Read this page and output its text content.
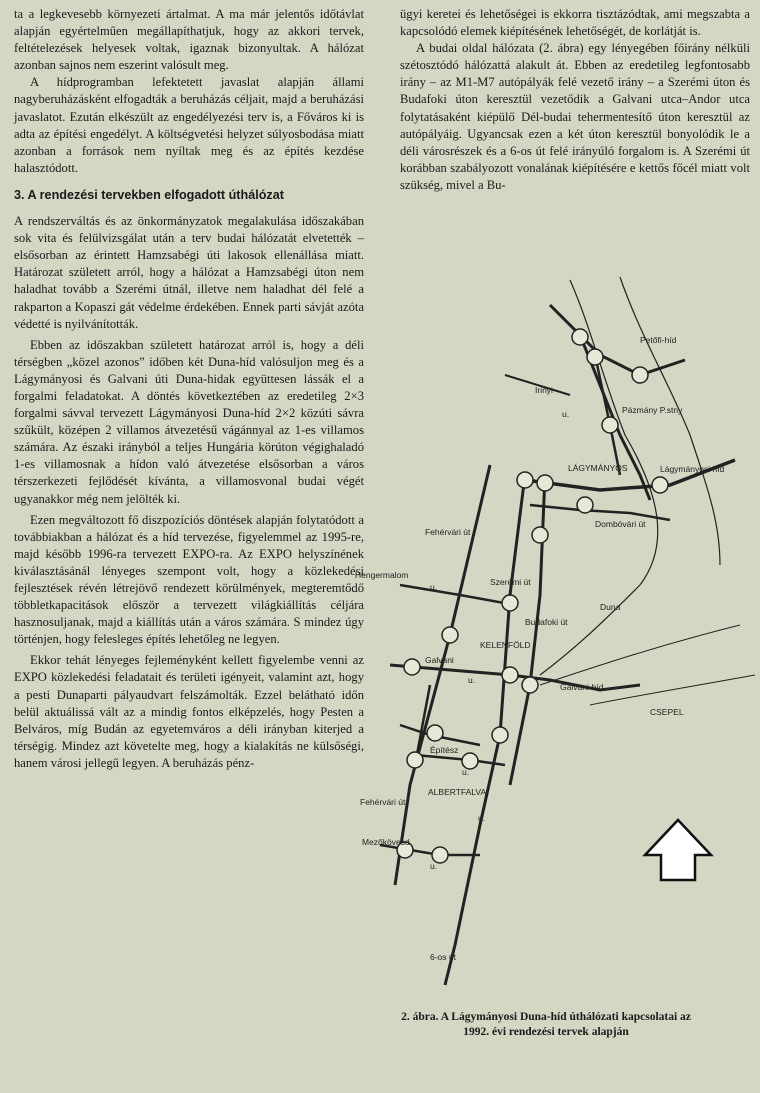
ta a legkevesebb környezeti ártalmat. A ma már jelentős időtávlat alapján egyértelműen megállapíthatjuk, hogy az akkori tervek, feltételezések helyesek voltak, igaznak bizonyultak. A hálózat azonban sajnos nem eszerint valósult meg.

A hídprogramban lefektetett javaslat alapján állami nagyberuházásként elfogadták a beruházás céljait, majd a beruházási javaslatot. Ezután elkészült az engedélyezési terv is, a Főváros ki is adta az építési engedélyt. A költségvetési helyzet súlyosbodása miatt azonban a források nem nyíltak meg és az építés kezdése halasztódott.

3. A rendezési tervekben elfogadott úthálózat

A rendszerváltás és az önkormányzatok megalakulása időszakában sok vita és felülvizsgálat után a terv budai hálózatát elvetették – elsősorban az érintett Hamzsabégi úti lakosok ellenállása miatt. Határozat született arról, hogy a hálózat a Hamzsabégi úton nem haladhat tovább a Szerémi útnál, illetve nem haladhat dél felé a rakparton a Kopaszi gát védelme érdekében. Ennek parti sávját azóta védetté is nyilvánították.

Ebben az időszakban született határozat arról is, hogy a déli térségben „közel azonos” időben két Duna-híd valósuljon meg és a Lágymányosi és Galvani úti Duna-hidak együttesen lássák el a forgalmi feladatokat. A döntés következtében az eredetileg 2×3 forgalmi sávval tervezett Lágymányosi Duna-híd 2×2 közúti sávra szűkült, középen 2 villamos átvezetésű vágánnyal az 1-es villamos számára. Az északi irányból a teljes Hungária körúton végighaladó 1-es villamosnak a hídon való átvezetése elsősorban a város térszerkezeti fejlődését kívánta, a villamosvonal budai végét ugyanakkor még nem jelölték ki.

Ezen megváltozott fő diszpozíciós döntések alapján folytatódott a továbbiakban a hálózat és a híd tervezése, figyelemmel az 1995-re, majd később 1996-ra tervezett EXPO-ra. Az EXPO helyszínének kiválasztásánál lényeges szempont volt, hogy a közlekedési fejlesztések révén létrejövő rendezett körülmények, megteremtődő többletkapacitások először a tervezett világkiállítás céljára hasznosuljanak, majd a kiállítás után a város számára. S mindez úgy történjen, hogy felesleges építés lehetőleg ne legyen.

Ekkor tehát lényeges fejleményként kellett figyelembe venni az EXPO közlekedési feladatait és területi igényeit, valamint azt, hogy a pesti Dunaparti pályaudvart felszámolták. Ezzel belátható időn belül aktuálissá vált az a mindig fontos elképzelés, hogy Pesten a Belváros, míg Budán az egyetemváros a déli irányban kiterjed a térségig. Mindez azt követelte meg, hogy a kialakítás ne külsőségi, hanem városi jellegű legyen. A beruházás pénz-

ügyi keretei és lehetőségei is ekkorra tisztázódtak, ami megszabta a kapcsolódó elemek kiépítésének lehetőségét, de korlátját is.

A budai oldal hálózata (2. ábra) egy lényegében főirány nélküli szétosztódó hálózattá alakult át. Ebben az eredetileg legfontosabb irány – az M1-M7 autópályák felé vezető irány – a Szerémi úton és Budafoki úton keresztül vezetődik a Galvani utca–Andor utca folytatásaként kiépülő Dél-budai tehermentesítő úton keresztül az autópályáig. Ugyancsak ezen a két úton keresztül bonyolódik le a déli városrészek és a 6-os út felé irányúló forgalom is. A Szerémi út korábban szabályozott vonalának kiépítésére e kettős főcél miatt volt szükség, mivel a Bu-

Petőfi-híd
Irinyi
u.	Pázmány P.stny
LÁGYMÁNYOS	Lágymányosi híd
Dombóvári út
Fehérvári út
Hengermalom
u.	Szerémi út
Budafoki út
Duna
KELENFÖLD
Galvani
u.
Galvani-híd
CSEPEL
Építész
u.
ALBERTFALVA
u.
Fehérvári út
Mezőkövesd
u.
6-os út
2. ábra. A Lágymányosi Duna-híd úthálózati kapcsolatai az
1992. évi rendezési tervek alapján
